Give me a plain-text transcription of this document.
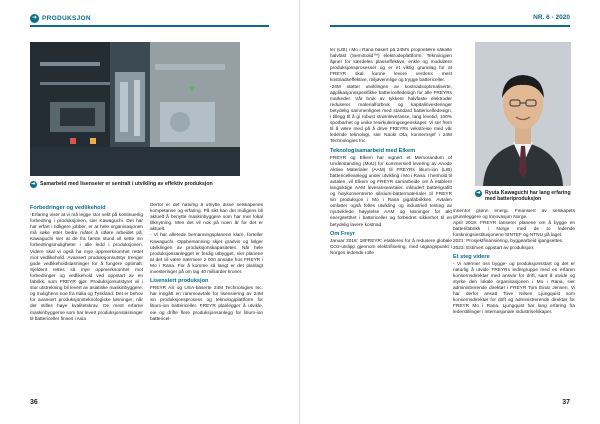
➜ PRODUKSJON
➜ Samarbeid med lisenseier er sentralt i utvikling av effektiv produksjon
Forbedringer og vedlikehold

-Erfaring viser at vi må legge stor vekt på kontinuerlig forbedring i produksjonen, sier Kawaguchi. Det har har erfart i tidligere jobber, er at hele organisasjonen må søke etter bedre måter å utføre arbeidet på. Kawaguchi sier at de fra første stund vil sette inn forbedringsmuligheter i alle ledd i produksjonen. Videre skal vi også ha mye oppmerksomhet rettet mot vedlikehold. Avansert produksjonsutstyr trenger gode vedlikeholdsløsninger for å fungere optimalt. Sjeldent rettes så mye oppmerksomhet mot forbedringer og vedlikehold ved oppstart av en fabrikk, som FREYR gjør. Produksjonsutstyret vil i stor utstrekning bli levert av asiatiske maskinbyggere, og mulighens noe fra Italia og Tyskland. Det er behov for avansert produksjonsteknologiske løsninger, når det stilles høye kvalitetskrav. De mest erfarne maskinbyggerne som har levert produksjonsløsninger til battericeller finnes i Asia

Derfor er det naturlig å utnytte disse selskapenes kompetanse og erfaring. På sikt kan det muligens bli aktuelt å benytte maskinbyggere som har mer lokal tilknytning. Men det vil nok på noen år for det er aktuelt.

- Vi har allerede bemanningsplanene klare, forteller Kawaguchi. Oppbemanning skjer gradvis og følger utviklingen av produksjonskapasiteten. Når hele produksjonsanlegget er ferdig utbygget, sier planene at det vil være nærmere 2 000 ansatte hos FREYR i Mo i Rana. For å komme så langt er det planlagt investeringer på om lag 40 milliarder kroner.

Lisensiert produksjon

FREYR AS og USA-baserte 24M Technologies Inc. har inngått en rammeavtale for lisensiering av 24M sin produksjonsprosess og teknologiplattform for litium-ion battericeller. FREYR planlegger å utvikle, eie og drifte flere produksjonsanlegg for litium-ion battericel-

36
NR. 6 - 2020

ler (LIB) i Mo i Rana basert på 24M's proprietære såkalte halvfast (SemiSolid™) elektrodeplattform. Teknologien åpner for særdeles plasseffektive, enkle og modulære produksjonsprosesser og er et viktig grunnlag for at FREYR skal kunne levere verdens mest kostnadseffektive, miljøvennlige og trygge battericeller.

-24M støtter utviklingen av kostnadsoptimaliserte, applikasjonsspesifikke battericelledesign for alle FREYRs markeder. Vår bruk av tykkere halvfaste elektroder reduserer materialforbruk og kapitalinvesteringer betydelig sammenlignet med standard battericelledesign, i tillegg til å gi robust strømleveranse, lang levetid, 100% sporbarhet og unike resirkuleringsegenskaper. Vi ser frem til å være med på å drive FREYRs vekstreise med vår ledende teknologi, sier Naoki Ota, konsernsjef i 24M Technologies Inc.

Teknologisamarbeid med Elkem

FREYR og Elkem har signert et Memorandum of Understanding (MoU) for kommersiell levering av Anode Aktive Materialer (AAM) til FREYRs litium-ion (LIB) battericelleanlegg under utvikling i Mo i Rana. I henhold til avtalen, vil Elkem og FREYR samarbeide om å etablere langsiktige AAM leveranseavtaler, inkludert batterigrafitt og høykonsentrerte silisium-battermaterialer til FREYR sin produksjon i Mo i Rana gigafabrikken. Avtalen omfatter også felles utvikling og industriell testing av nyutviklede høyytelse AAM og løsninger for økt energitetthet i battericeller og forbedret sikkerhet til en betydelig lavere kostnad.

Om Freyr

Januar 2018: 18FREYR: etableres for å redusere globale CO2-utslipp gjennom elektrifisering, med utgangspunkt i Norges ledende rolle

➜ Ryuta Kawaguchi har lang erfaring med batteriproduksjon

innenfor grønn energi. Finansiert av selskapets grunnleggere og Innovasjon Norge.

April 2019: FREYR lanserer planene om å bygge en batterifabrikk i Norge med de to ledende forskningsinstitusjonene SINTEF og NTNU på laget.

2021: Prosjektfinansiering, byggearbeid igangsettes.

2023: Estimert oppstart av produksjon.

Et steg videre

- Vi nærmer oss bygge- og produksjonsstart og det er naturlig å utvide FREYRs ledergruppe med en erfaren konsernsdirektør med ansvar for drift, sant å utvide og styrke den lokale organisasjonen i Mo i Rana, sier administrerende direktør i FREYR Tom Einar Jensen. Vi har derfor ansatt Tove Nilsen Ljungquist som konsernsdirektør for drift og administrerende direktør for FREYR Mo i Rana. Ljungquist har lang erfaring fra lederstillinger i internasjonale industriselskaper.

37
